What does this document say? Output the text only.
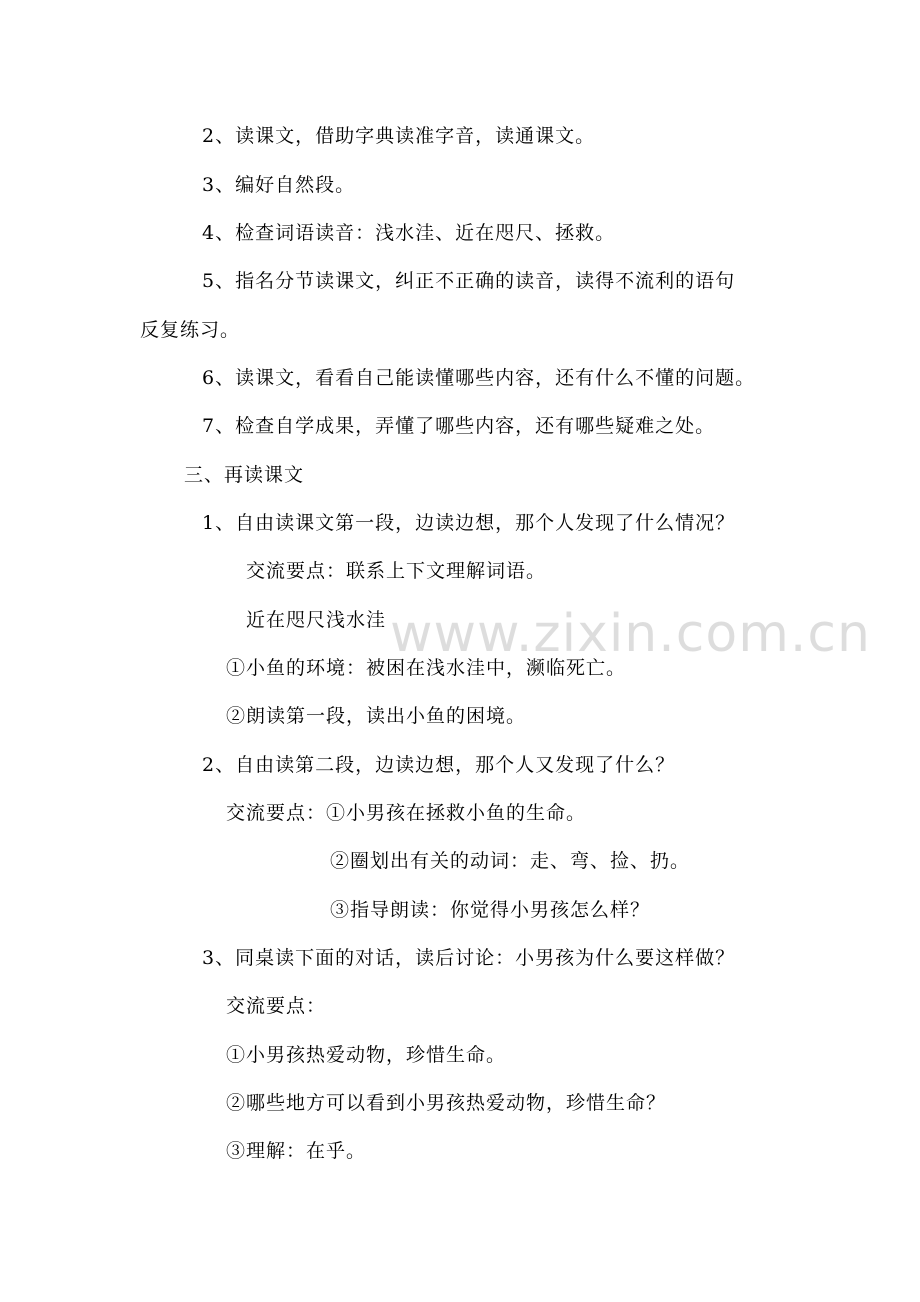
2、读课文，借助字典读准字音，读通课文。
3、编好自然段。
4、检查词语读音：浅水洼、近在咫尺、拯救。
5、指名分节读课文，纠正不正确的读音，读得不流利的语句
反复练习。
6、读课文，看看自己能读懂哪些内容，还有什么不懂的问题。
7、检查自学成果，弄懂了哪些内容，还有哪些疑难之处。
三、再读课文
1、自由读课文第一段，边读边想，那个人发现了什么情况？
交流要点：联系上下文理解词语。
近在咫尺浅水洼
①小鱼的环境：被困在浅水洼中，濒临死亡。
②朗读第一段，读出小鱼的困境。
2、自由读第二段，边读边想，那个人又发现了什么？
交流要点：①小男孩在拯救小鱼的生命。
②圈划出有关的动词：走、弯、捡、扔。
③指导朗读：你觉得小男孩怎么样？
3、同桌读下面的对话，读后讨论：小男孩为什么要这样做？
交流要点：
①小男孩热爱动物，珍惜生命。
②哪些地方可以看到小男孩热爱动物，珍惜生命？
③理解：在乎。
www.zixin.com.cn
